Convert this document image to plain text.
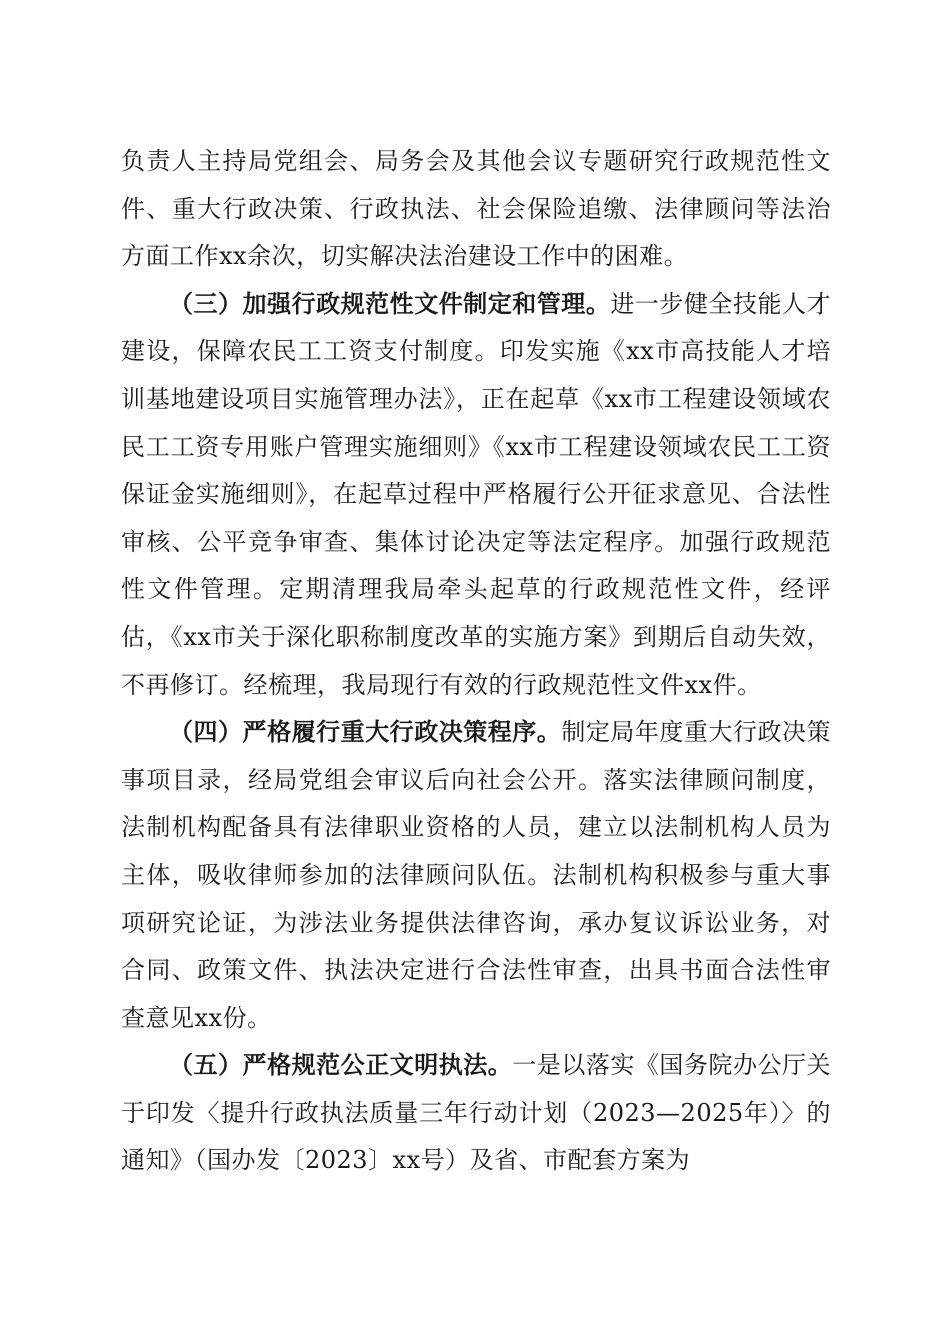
负责人主持局党组会、局务会及其他会议专题研究行政规范性文件、重大行政决策、行政执法、社会保险追缴、法律顾问等法治方面工作xx余次，切实解决法治建设工作中的困难。

（三）加强行政规范性文件制定和管理。进一步健全技能人才建设，保障农民工工资支付制度。印发实施《xx市高技能人才培训基地建设项目实施管理办法》，正在起草《xx市工程建设领域农民工工资专用账户管理实施细则》《xx市工程建设领域农民工工资保证金实施细则》，在起草过程中严格履行公开征求意见、合法性审核、公平竞争审查、集体讨论决定等法定程序。加强行政规范性文件管理。定期清理我局牵头起草的行政规范性文件，经评估，《xx市关于深化职称制度改革的实施方案》到期后自动失效，不再修订。经梳理，我局现行有效的行政规范性文件xx件。

（四）严格履行重大行政决策程序。制定局年度重大行政决策事项目录，经局党组会审议后向社会公开。落实法律顾问制度，法制机构配备具有法律职业资格的人员，建立以法制机构人员为主体，吸收律师参加的法律顾问队伍。法制机构积极参与重大事项研究论证，为涉法业务提供法律咨询，承办复议诉讼业务，对合同、政策文件、执法决定进行合法性审查，出具书面合法性审查意见xx份。

（五）严格规范公正文明执法。一是以落实《国务院办公厅关于印发〈提升行政执法质量三年行动计划（2023—2025年）〉的通知》（国办发〔2023〕xx号）及省、市配套方案为
